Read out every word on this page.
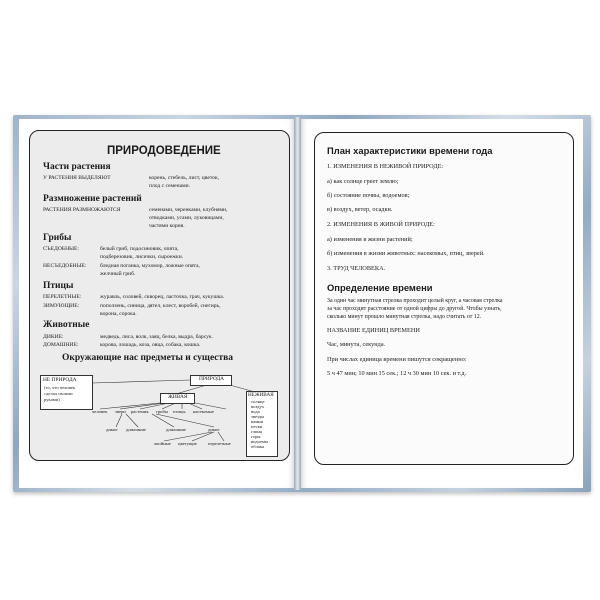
ПРИРОДОВЕДЕНИЕ
Части растения
У РАСТЕНИЯ ВЫДЕЛЯЮТ	корень, стебель, лист, цветок,
плод с семенами.
Размножение растений
РАСТЕНИЯ РАЗМНОЖАЮТСЯ	семенами, черенками, клубнями,
отводками, усами, луковицами,
частями корня.
Грибы
СЪЕДОБНЫЕ:	белый гриб, подосиновик, опята,
подберезовик, лисички, сыроежки.
НЕСЪЕДОБНЫЕ: бледная поганка, мухомор, ложные опята,
желчный гриб.
Птицы
ПЕРЕЛЕТНЫЕ:	журавль, соловей, скворец, ласточка, грач, кукушка.
ЗИМУЮЩИЕ:	поползень, синица, дятел, клест, воробей, снегирь,
ворона, сорока.
Животные
ДИКИЕ:	медведь, лиса, волк, заяц, белка, выдра, барсук.
ДОМАШНИЕ:	корова, лошадь, коза, овца, собака, кошка.
Окружающие нас предметы и существа
НЕ ПРИРОДА
(то, что человек
сделал своими
руками)
ПРИРОДА
ЖИВАЯ	НЕЖИВАЯ
солнце
воздух
вода
звезды
камни
пески
глина
горы
водоемы
облака
человек звери растения грибы птицы насекомые
дикие домашние	домашние	дикие
хвойные цветущие перелетные
План характеристики времени года
1. ИЗМЕНЕНИЯ В НЕЖИВОЙ ПРИРОДЕ:
а) как солнце греет землю;
б) состояние почвы, водоемов;
в) воздух, ветер, осадки.
2. ИЗМЕНЕНИЯ В ЖИВОЙ ПРИРОДЕ:
а) изменения в жизни растений;
б) изменения в жизни животных: насекомых, птиц, зверей.
3. ТРУД ЧЕЛОВЕКА.
Определение времени
За один час минутная стрелка проходит целый круг, а часовая стрелка
за час проходит расстояние от одной цифры до другой. Чтобы узнать,
сколько минут прошло минутная стрелка, надо считать от 12.
НАЗВАНИЕ ЕДИНИЦ ВРЕМЕНИ
Час, минута, секунда.
При числах единица времени пишутся сокращенно:
5 ч 47 мин; 10 мин 15 сек.; 12 ч 30 мин 10 сек. и т.д.
